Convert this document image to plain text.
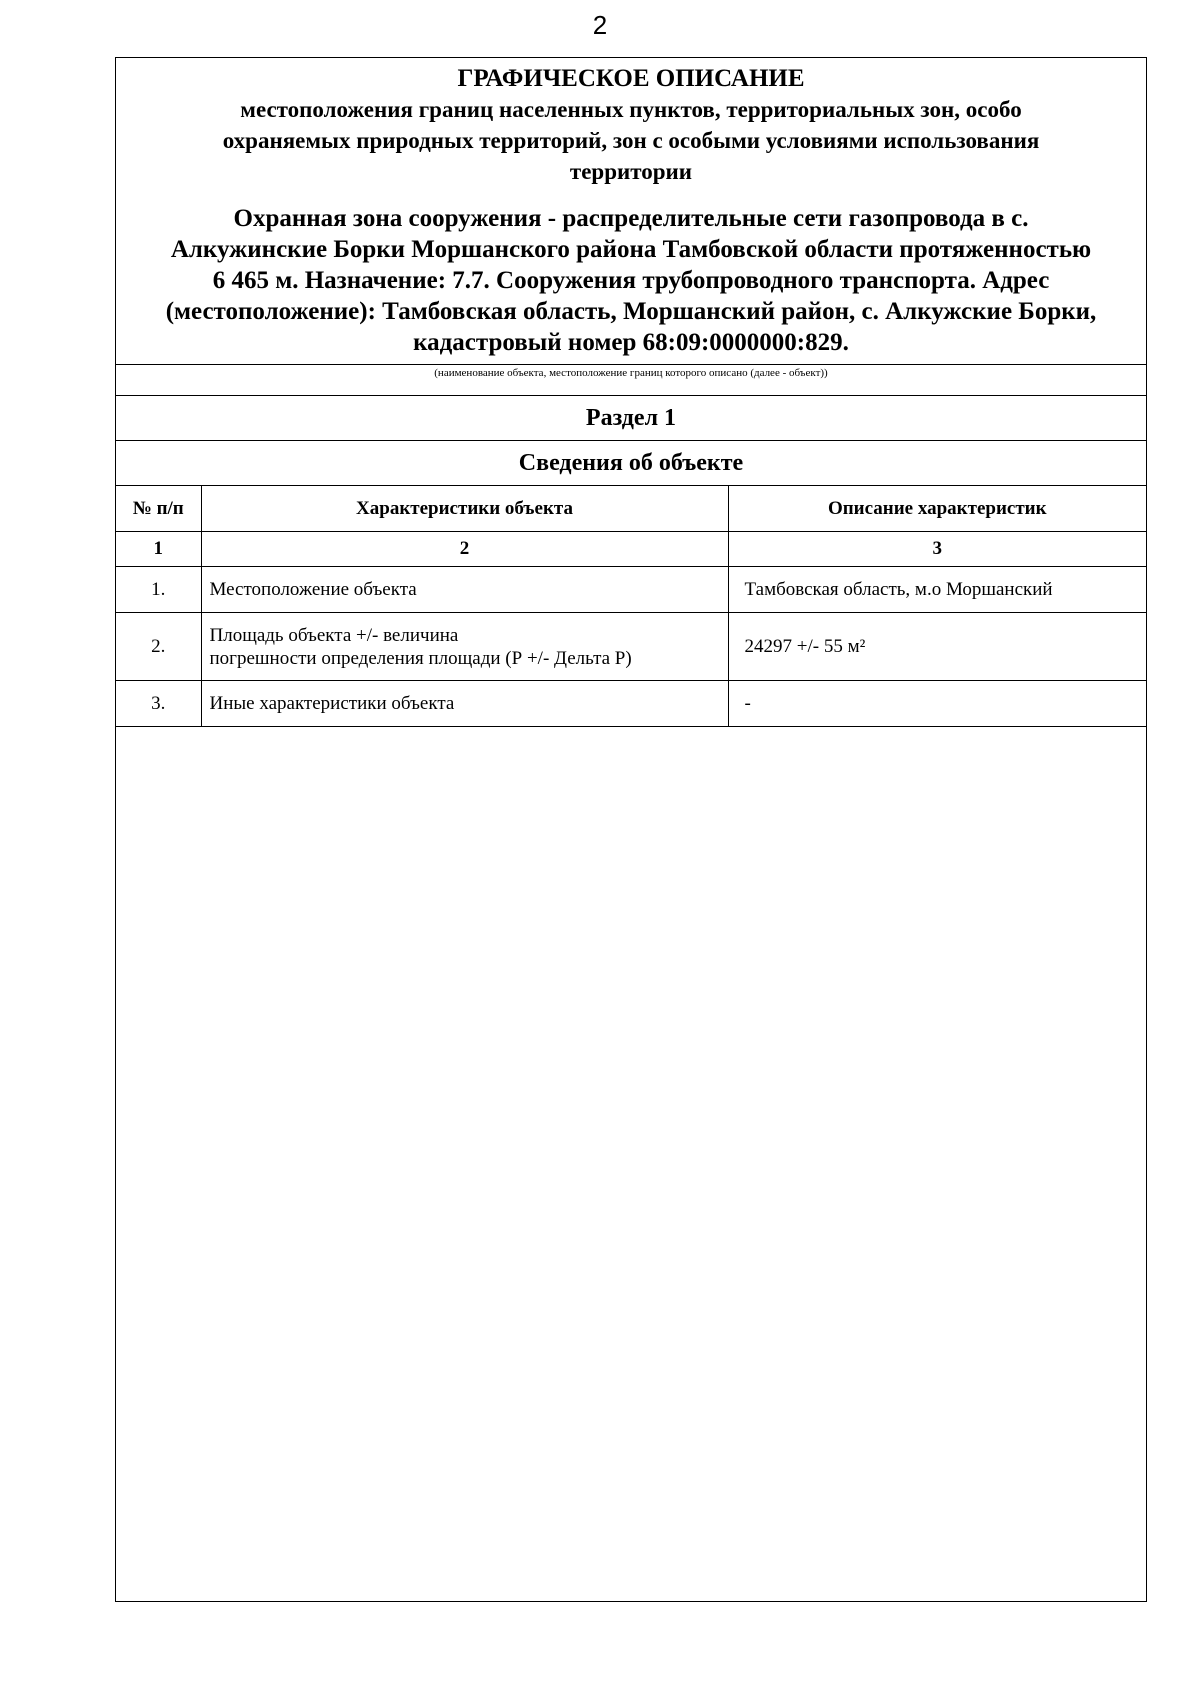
2
ГРАФИЧЕСКОЕ ОПИСАНИЕ
местоположения границ населенных пунктов, территориальных зон, особо
охраняемых природных территорий, зон с особыми условиями использования
территории
Охранная зона сооружения - распределительные сети газопровода в с.
Алкужинские Борки Моршанского района Тамбовской области протяженностью
6 465 м. Назначение: 7.7. Сооружения трубопроводного транспорта. Адрес
(местоположение): Тамбовская область, Моршанский район, с. Алкужские Борки,
кадастровый номер 68:09:0000000:829.
(наименование объекта, местоположение границ которого описано (далее - объект))
Раздел 1
Сведения об объекте
№ п/п	Характеристики объекта	Описание характеристик
1	2	3
1.	Местоположение объекта	Тамбовская область, м.о Моршанский
2.	Площадь объекта +/- величина
погрешности определения площади (Р +/- Дельта Р)	24297 +/- 55 м²
3.	Иные характеристики объекта	-
